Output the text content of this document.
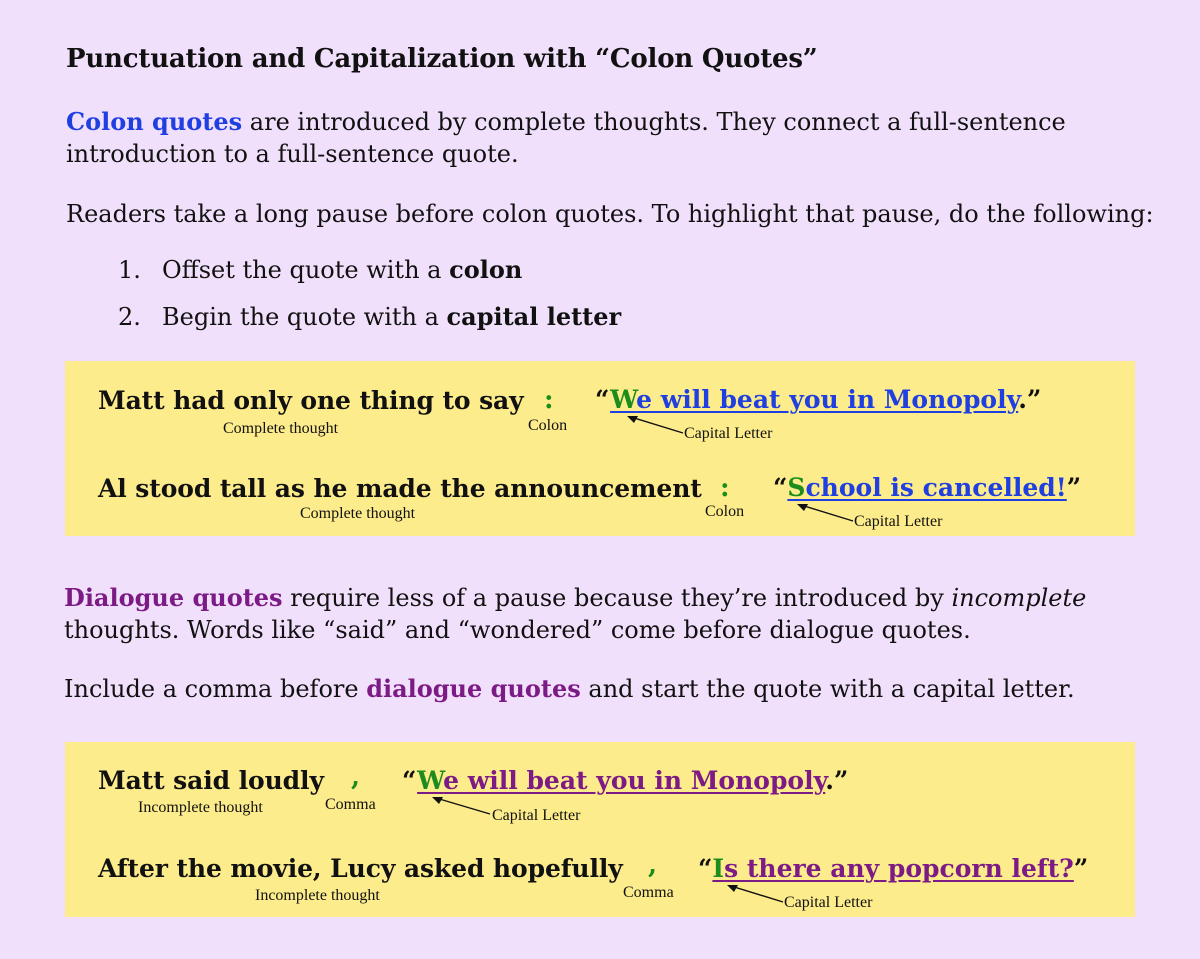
Punctuation and Capitalization with “Colon Quotes”

Colon quotes are introduced by complete thoughts. They connect a full-sentence introduction to a full-sentence quote.

Readers take a long pause before colon quotes. To highlight that pause, do the following:

1. Offset the quote with a colon
2. Begin the quote with a capital letter
Matt had only one thing to say
Complete thought
:
Colon
“We will beat you in Monopoly.”
Capital Letter
Al stood tall as he made the announcement
Complete thought
:
Colon
“School is cancelled!”
Capital Letter

Dialogue quotes require less of a pause because they’re introduced by incomplete thoughts. Words like “said” and “wondered” come before dialogue quotes.

Include a comma before dialogue quotes and start the quote with a capital letter.

Matt said loudly
Incomplete thought
,
Comma
“We will beat you in Monopoly.”
Capital Letter
After the movie, Lucy asked hopefully
Incomplete thought
,
Comma
“Is there any popcorn left?”
Capital Letter
